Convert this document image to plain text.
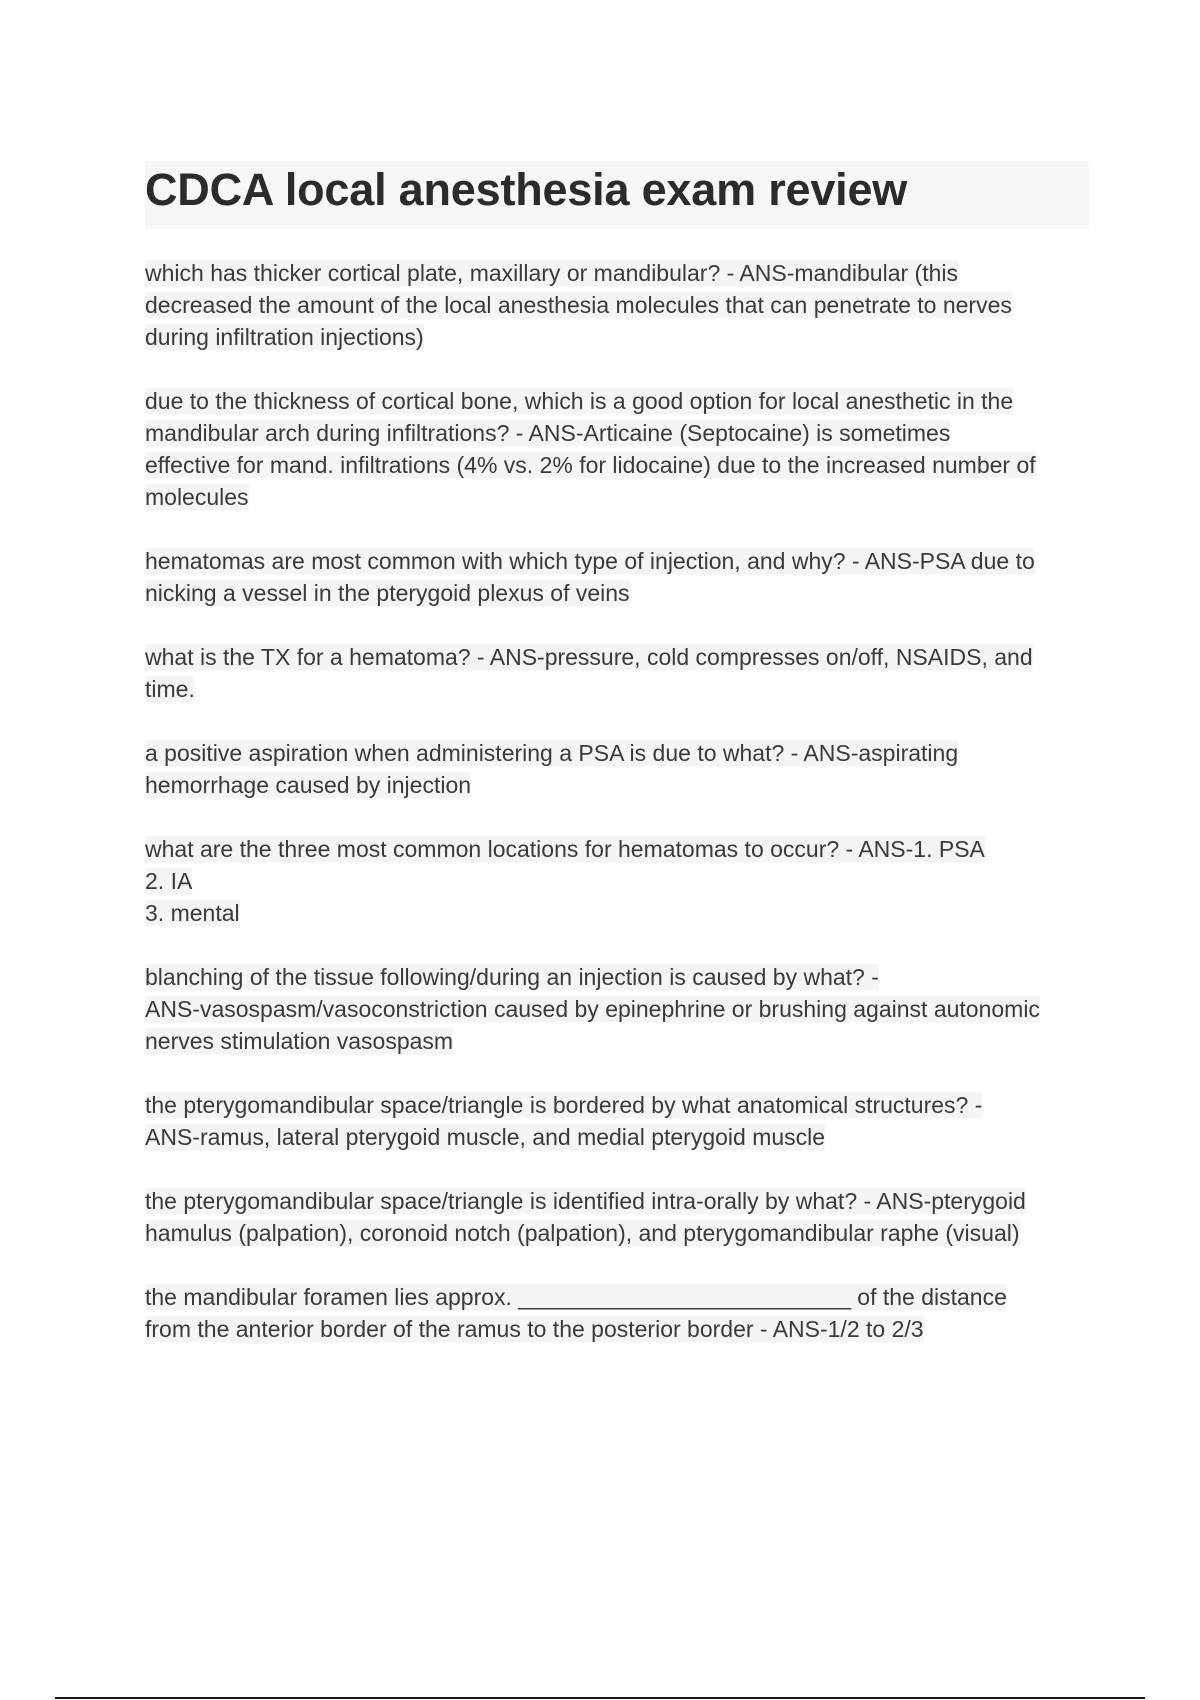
CDCA local anesthesia exam review

which has thicker cortical plate, maxillary or mandibular? - ANS-mandibular (this
decreased the amount of the local anesthesia molecules that can penetrate to nerves
during infiltration injections)

due to the thickness of cortical bone, which is a good option for local anesthetic in the
mandibular arch during infiltrations? - ANS-Articaine (Septocaine) is sometimes
effective for mand. infiltrations (4% vs. 2% for lidocaine) due to the increased number of
molecules

hematomas are most common with which type of injection, and why? - ANS-PSA due to
nicking a vessel in the pterygoid plexus of veins

what is the TX for a hematoma? - ANS-pressure, cold compresses on/off, NSAIDS, and
time.

a positive aspiration when administering a PSA is due to what? - ANS-aspirating
hemorrhage caused by injection

what are the three most common locations for hematomas to occur? - ANS-1. PSA
2. IA
3. mental

blanching of the tissue following/during an injection is caused by what? -
ANS-vasospasm/vasoconstriction caused by epinephrine or brushing against autonomic
nerves stimulation vasospasm

the pterygomandibular space/triangle is bordered by what anatomical structures? -
ANS-ramus, lateral pterygoid muscle, and medial pterygoid muscle

the pterygomandibular space/triangle is identified intra-orally by what? - ANS-pterygoid
hamulus (palpation), coronoid notch (palpation), and pterygomandibular raphe (visual)

the mandibular foramen lies approx. __________________________ of the distance
from the anterior border of the ramus to the posterior border - ANS-1/2 to 2/3
